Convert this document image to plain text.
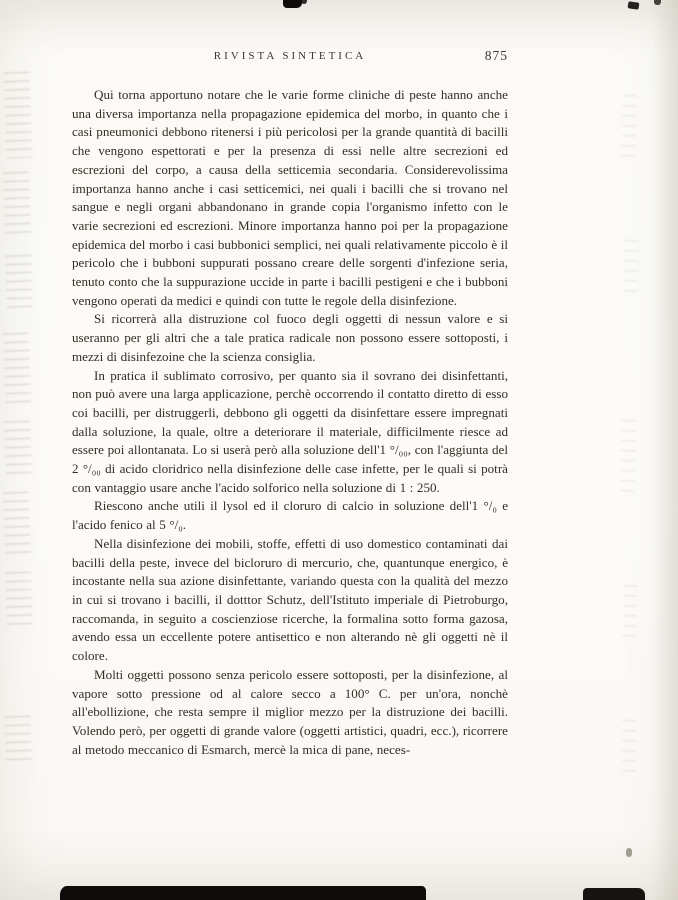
RIVISTA SINTETICA	875

Qui torna apportuno notare che le varie forme cliniche di peste hanno anche una diversa importanza nella propagazione epidemica del morbo, in quanto che i casi pneumonici debbono ritenersi i più pericolosi per la grande quantità di bacilli che vengono espettorati e per la presenza di essi nelle altre secrezioni ed escrezioni del corpo, a causa della setticemia secondaria. Considerevolissima importanza hanno anche i casi setticemici, nei quali i bacilli che si trovano nel sangue e negli organi abbandonano in grande copia l'organismo infetto con le varie secrezioni ed escrezioni. Minore importanza hanno poi per la propagazione epidemica del morbo i casi bubbonici semplici, nei quali relativamente piccolo è il pericolo che i bubboni suppurati possano creare delle sorgenti d'infezione seria, tenuto conto che la suppurazione uccide in parte i bacilli pestigeni e che i bubboni vengono operati da medici e quindi con tutte le regole della disinfezione.

Si ricorrerà alla distruzione col fuoco degli oggetti di nessun valore e si useranno per gli altri che a tale pratica radicale non possono essere sottoposti, i mezzi di disinfezoine che la scienza consiglia.

In pratica il sublimato corrosivo, per quanto sia il sovrano dei disinfettanti, non può avere una larga applicazione, perchè occorrendo il contatto diretto di esso coi bacilli, per distruggerli, debbono gli oggetti da disinfettare essere impregnati dalla soluzione, la quale, oltre a deteriorare il materiale, difficilmente riesce ad essere poi allontanata. Lo si userà però alla soluzione dell'1 °/₀₀, con l'aggiunta del 2 °/₀₀ di acido cloridrico nella disinfezione delle case infette, per le quali si potrà con vantaggio usare anche l'acido solforico nella soluzione di 1 : 250.

Riescono anche utili il lysol ed il cloruro di calcio in soluzione dell'1 °/₀ e l'acido fenico al 5 °/₀.

Nella disinfezione dei mobili, stoffe, effetti di uso domestico contaminati dai bacilli della peste, invece del bicloruro di mercurio, che, quantunque energico, è incostante nella sua azione disinfettante, variando questa con la qualità del mezzo in cui si trovano i bacilli, il dotttor Schutz, dell'Istituto imperiale di Pietroburgo, raccomanda, in seguito a coscienziose ricerche, la formalina sotto forma gazosa, avendo essa un eccellente potere antisettico e non alterando nè gli oggetti nè il colore.

Molti oggetti possono senza pericolo essere sottoposti, per la disinfezione, al vapore sotto pressione od al calore secco a 100° C. per un'ora, nonchè all'ebollizione, che resta sempre il miglior mezzo per la distruzione dei bacilli. Volendo però, per oggetti di grande valore (oggetti artistici, quadri, ecc.), ricorrere al metodo meccanico di Esmarch, mercè la mica di pane, neces-
